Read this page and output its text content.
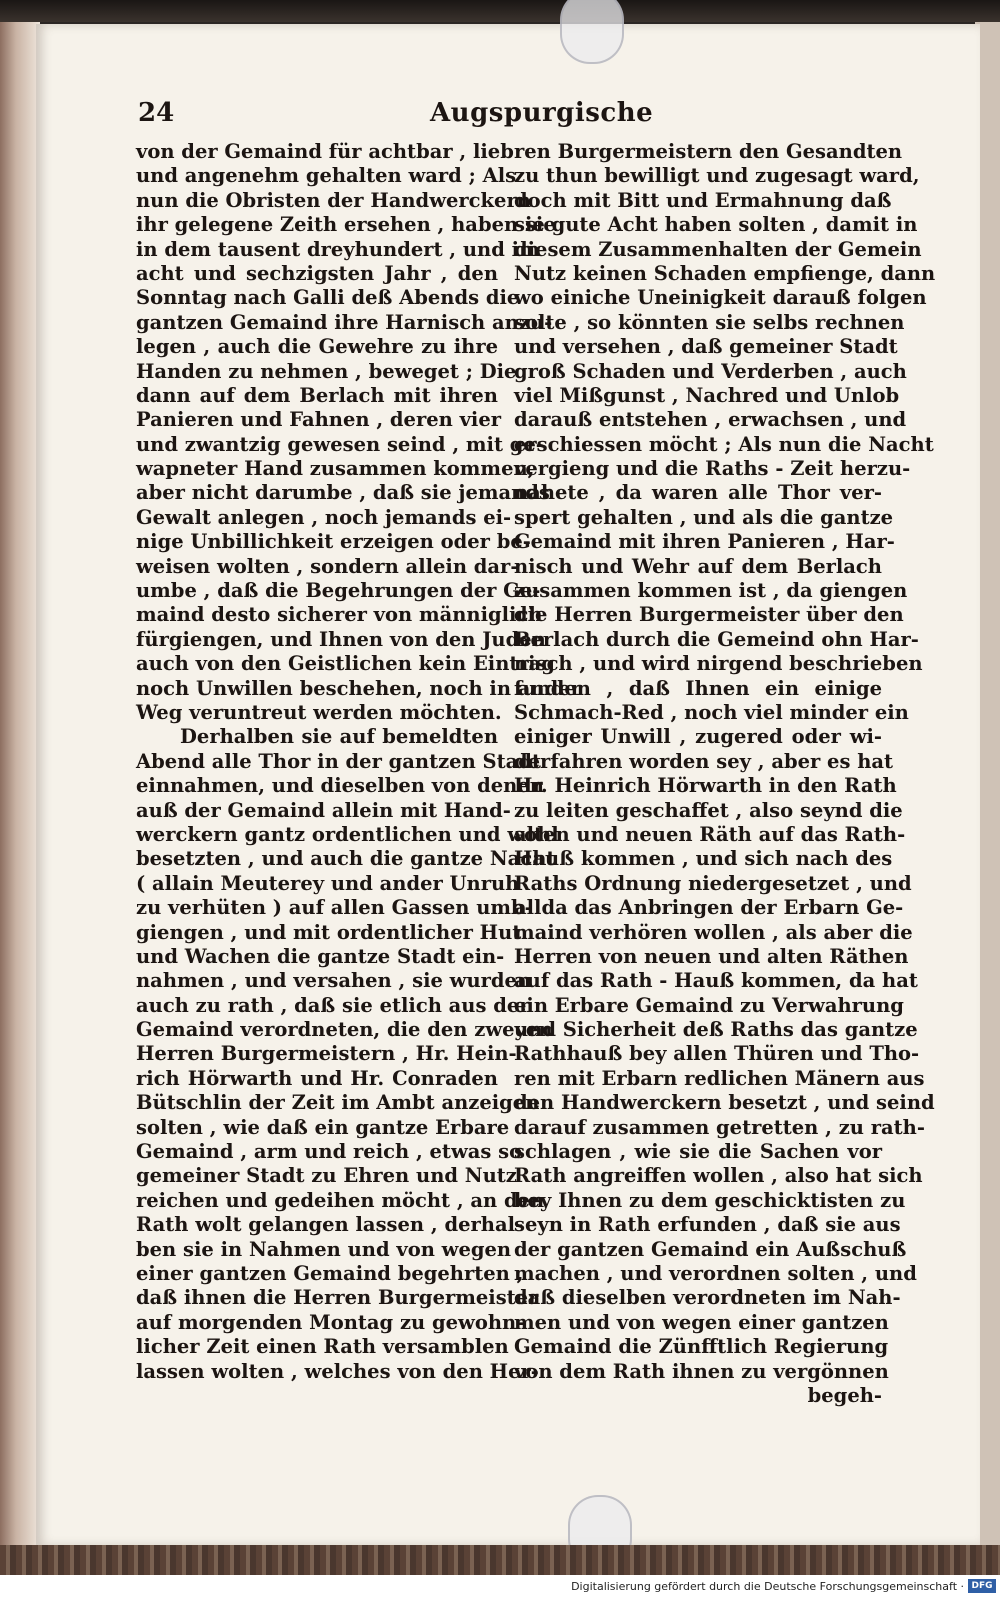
24	Augspurgische
von der Gemaind für achtbar , lieb
und angenehm gehalten ward ; Als
nun die Obristen der Handwerckern
ihr gelegene Zeith ersehen , haben sie
in dem tausent dreyhundert , und im
acht und sechzigsten Jahr , den
Sonntag nach Galli deß Abends die
gantzen Gemaind ihre Harnisch anzu-
legen , auch die Gewehre zu ihre
Handen zu nehmen , beweget ; Die
dann auf dem Berlach mit ihren
Panieren und Fahnen , deren vier
und zwantzig gewesen seind , mit ge-
wapneter Hand zusammen kommen,
aber nicht darumbe , daß sie jemands
Gewalt anlegen , noch jemands ei-
nige Unbillichkeit erzeigen oder be-
weisen wolten , sondern allein dar-
umbe , daß die Begehrungen der Ge-
maind desto sicherer von männiglich
fürgiengen, und Ihnen von den Juden
auch von den Geistlichen kein Eintrag
noch Unwillen beschehen, noch in ander
Weg veruntreut werden möchten.
Derhalben sie auf bemeldten
Abend alle Thor in der gantzen Stadt
einnahmen, und dieselben von denen
auß der Gemaind allein mit Hand-
werckern gantz ordentlichen und wohl
besetzten , und auch die gantze Nacht
( allain Meuterey und ander Unruh
zu verhüten ) auf allen Gassen umb-
giengen , und mit ordentlicher Hut
und Wachen die gantze Stadt ein-
nahmen , und versahen , sie wurden
auch zu rath , daß sie etlich aus der
Gemaind verordneten, die den zweyen
Herren Burgermeistern , Hr. Hein-
rich Hörwarth und Hr. Conraden
Bütschlin der Zeit im Ambt anzeigen
solten , wie daß ein gantze Erbare
Gemaind , arm und reich , etwas so
gemeiner Stadt zu Ehren und Nutz
reichen und gedeihen möcht , an den
Rath wolt gelangen lassen , derhal-
ben sie in Nahmen und von wegen
einer gantzen Gemaind begehrten ,
daß ihnen die Herren Burgermeister
auf morgenden Montag zu gewohn-
licher Zeit einen Rath versamblen
lassen wolten , welches von den Her-
ren Burgermeistern den Gesandten
zu thun bewilligt und zugesagt ward,
doch mit Bitt und Ermahnung daß
sie gute Acht haben solten , damit in
diesem Zusammenhalten der Gemein
Nutz keinen Schaden empfienge, dann
wo einiche Uneinigkeit darauß folgen
solte , so könnten sie selbs rechnen
und versehen , daß gemeiner Stadt
groß Schaden und Verderben , auch
viel Mißgunst , Nachred und Unlob
darauß entstehen , erwachsen , und
erschiessen möcht ; Als nun die Nacht
vergieng und die Raths - Zeit herzu-
nahete , da waren alle Thor ver-
spert gehalten , und als die gantze
Gemaind mit ihren Panieren , Har-
nisch und Wehr auf dem Berlach
zusammen kommen ist , da giengen
die Herren Burgermeister über den
Berlach durch die Gemeind ohn Har-
nisch , und wird nirgend beschrieben
funden , daß Ihnen ein einige
Schmach-Red , noch viel minder ein
einiger Unwill , zugered oder wi-
derfahren worden sey , aber es hat
Hr. Heinrich Hörwarth in den Rath
zu leiten geschaffet , also seynd die
alten und neuen Räth auf das Rath-
Hauß kommen , und sich nach des
Raths Ordnung niedergesetzet , und
allda das Anbringen der Erbarn Ge-
maind verhören wollen , als aber die
Herren von neuen und alten Räthen
auf das Rath - Hauß kommen, da hat
ein Erbare Gemaind zu Verwahrung
und Sicherheit deß Raths das gantze
Rathhauß bey allen Thüren und Tho-
ren mit Erbarn redlichen Mänern aus
den Handwerckern besetzt , und seind
darauf zusammen getretten , zu rath-
schlagen , wie sie die Sachen vor
Rath angreiffen wollen , also hat sich
bey Ihnen zu dem geschicktisten zu
seyn in Rath erfunden , daß sie aus
der gantzen Gemaind ein Außschuß
machen , und verordnen solten , und
daß dieselben verordneten im Nah-
men und von wegen einer gantzen
Gemaind die Zünfftlich Regierung
von dem Rath ihnen zu vergönnen
begeh-
Digitalisierung gefördert durch die Deutsche Forschungsgemeinschaft · DFG
